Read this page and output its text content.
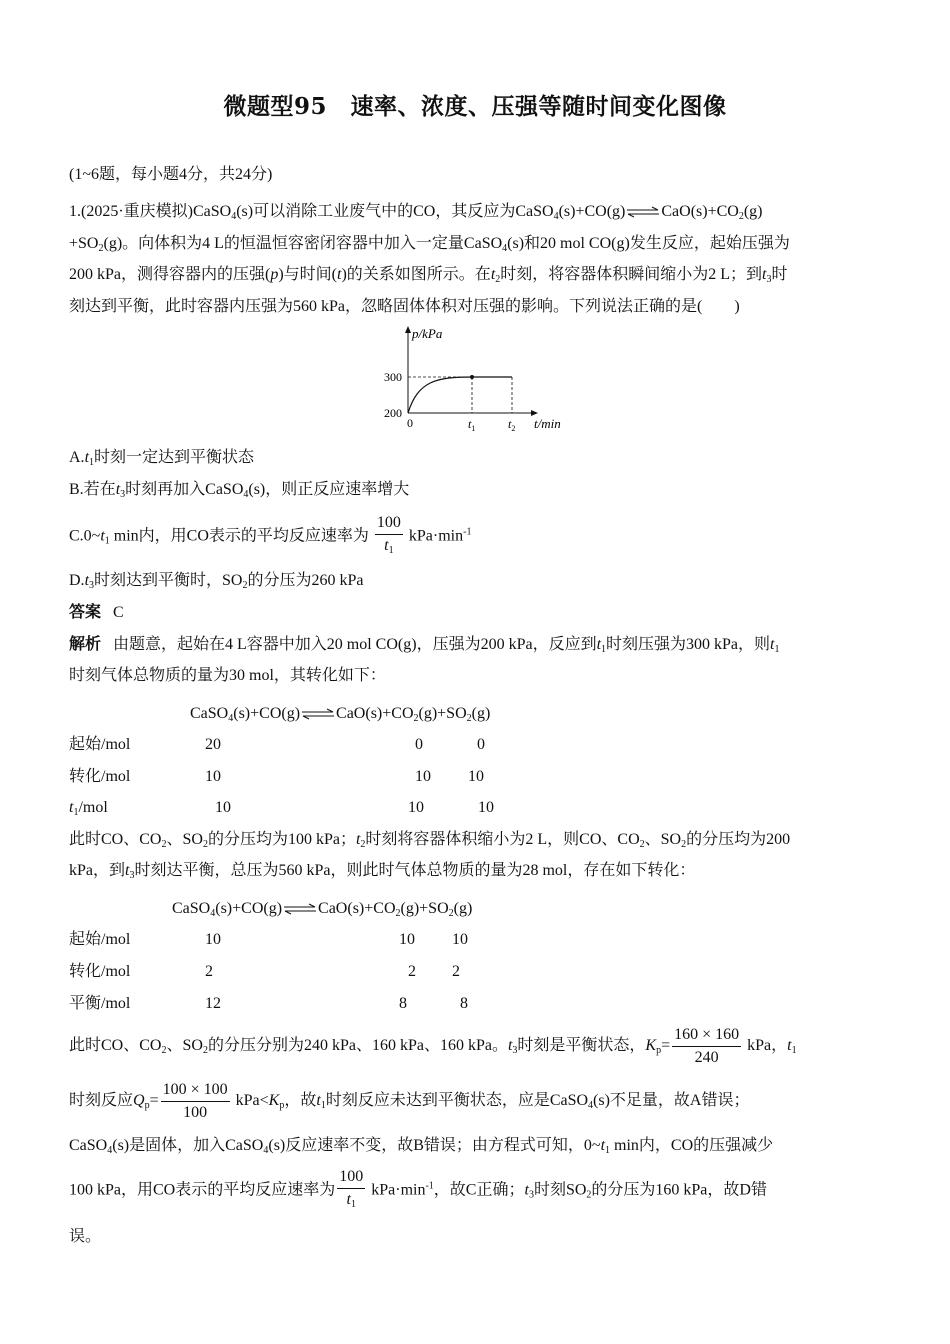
微题型95　速率、浓度、压强等随时间变化图像
(1~6题，每小题4分，共24分)
1.(2025·重庆模拟)CaSO$_4$(s)可以消除工业废气中的CO，其反应为$CaSO_4(s)+CO(g)\rightleftharpoons CaO(s)+CO_2(g)$
$+SO_2(g)$。向体积为4 L的恒温恒容密闭容器中加入一定量CaSO$_4$(s)和20 mol CO(g)发生反应，起始压强为
200 kPa，测得容器内的压强(p)与时间(t)的关系如图所示。在$t_2$时刻，将容器体积瞬间缩小为2 L；到$t_3$时
刻达到平衡，此时容器内压强为560 kPa，忽略固体体积对压强的影响。下列说法正确的是(　　)
p/kPa
t/min
0
200
300
$t_1$	$t_2$
$A.t_1$时刻一定达到平衡状态
B.若在$t_3$时刻再加入CaSO$_4$(s)，则正反应速率增大
$C.0\sim t_1$ min内，用CO表示的平均反应速率为 $\frac{100}{t_1} kPa\cdot\min^{-1}$
$D.t_3$时刻达到平衡时，$SO_2$的分压为260 kPa
答案 C
解析 由题意，起始在4 L容器中加入20 mol CO(g)，压强为200 kPa，反应到$t_1$时刻压强为300 kPa，则$t_1$
时刻气体总物质的量为30 mol，其转化如下：
$CaSO_4(s)+CO(g)\rightleftharpoons CaO(s)+CO_2(g)+SO_2(g)$
起始/mol	20	0	0
转化/mol	10	10 10
$t_1$/mol	10	10	10
此时CO、$CO_2$、$SO_2$的分压均为100 kPa；$t_2$时刻将容器体积缩小为2 L，则CO、$CO_2$、$SO_2$的分压均为200
kPa，到$t_3$时刻达平衡，总压为560 kPa，则此时气体总物质的量为28 mol，存在如下转化：
$CaSO_4(s)+CO(g)\rightleftharpoons CaO(s)+CO_2(g)+SO_2(g)$
起始/mol	10	10 10
转化/mol	2	2 2
平衡/mol	12	8	8
此时CO、$CO_2$、$SO_2$的分压分别为240 kPa、160 kPa、160 kPa。$t_3$时刻是平衡状态，$K_p= \frac{160 \times 160}{240}$ kPa，$t_1$
时刻反应$Q_p= \frac{100 \times 100}{100} kPa<K_p$，故$t_1$时刻反应未达到平衡状态，应是CaSO$_4$(s)不足量，故A错误；
CaSO$_4$(s)是固体，加入CaSO$_4$(s)反应速率不变，故B错误；由方程式可知，$0\sim t_1$ min内，CO的压强减少
100 kPa，用CO表示的平均反应速率为 $\frac{100}{t_1} kPa\cdot\min^{-1}$，故C正确；$t_3$时刻$SO_2$的分压为160 kPa，故D错
误。
